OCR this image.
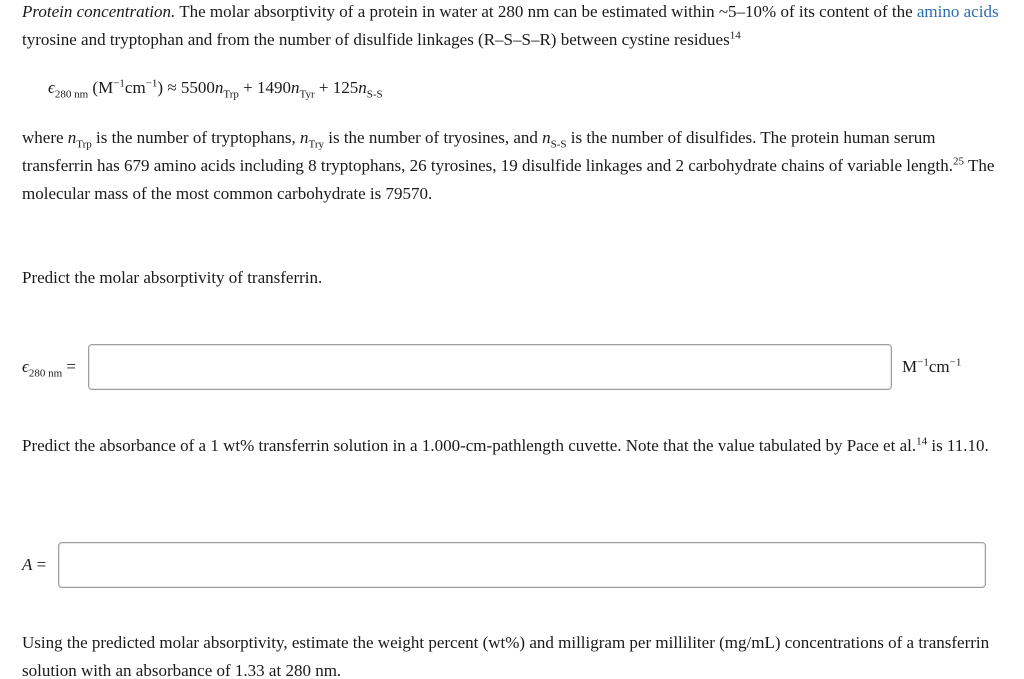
Protein concentration. The molar absorptivity of a protein in water at 280 nm can be estimated within ~5–10% of its content of the amino acids tyrosine and tryptophan and from the number of disulfide linkages (R–S–S–R) between cystine residues$^{14}$
$\epsilon_{280 nm}$ $(M^{-1}cm^{-1}) \approx 5500n_{Trp} + 1490n_{Tyr} + 125n_{S-S}$
where $n_{Trp}$ is the number of tryptophans, $n_{Try}$ is the number of tryosines, and $n_{S-S}$ is the number of disulfides. The protein human serum transferrin has 679 amino acids including 8 tryptophans, 26 tyrosines, 19 disulfide linkages and 2 carbohydrate chains of variable length.$^{25}$ The molecular mass of the most common carbohydrate is 79570.
Predict the molar absorptivity of transferrin.
$\epsilon_{280 nm}$ =	$M^{-1}cm^{-1}$
Predict the absorbance of a 1 wt% transferrin solution in a 1.000-cm-pathlength cuvette. Note that the value tabulated by Pace et al.$^{14}$ is 11.10.
A =
Using the predicted molar absorptivity, estimate the weight percent (wt%) and milligram per milliliter (mg/mL) concentrations of a transferrin solution with an absorbance of 1.33 at 280 nm.
